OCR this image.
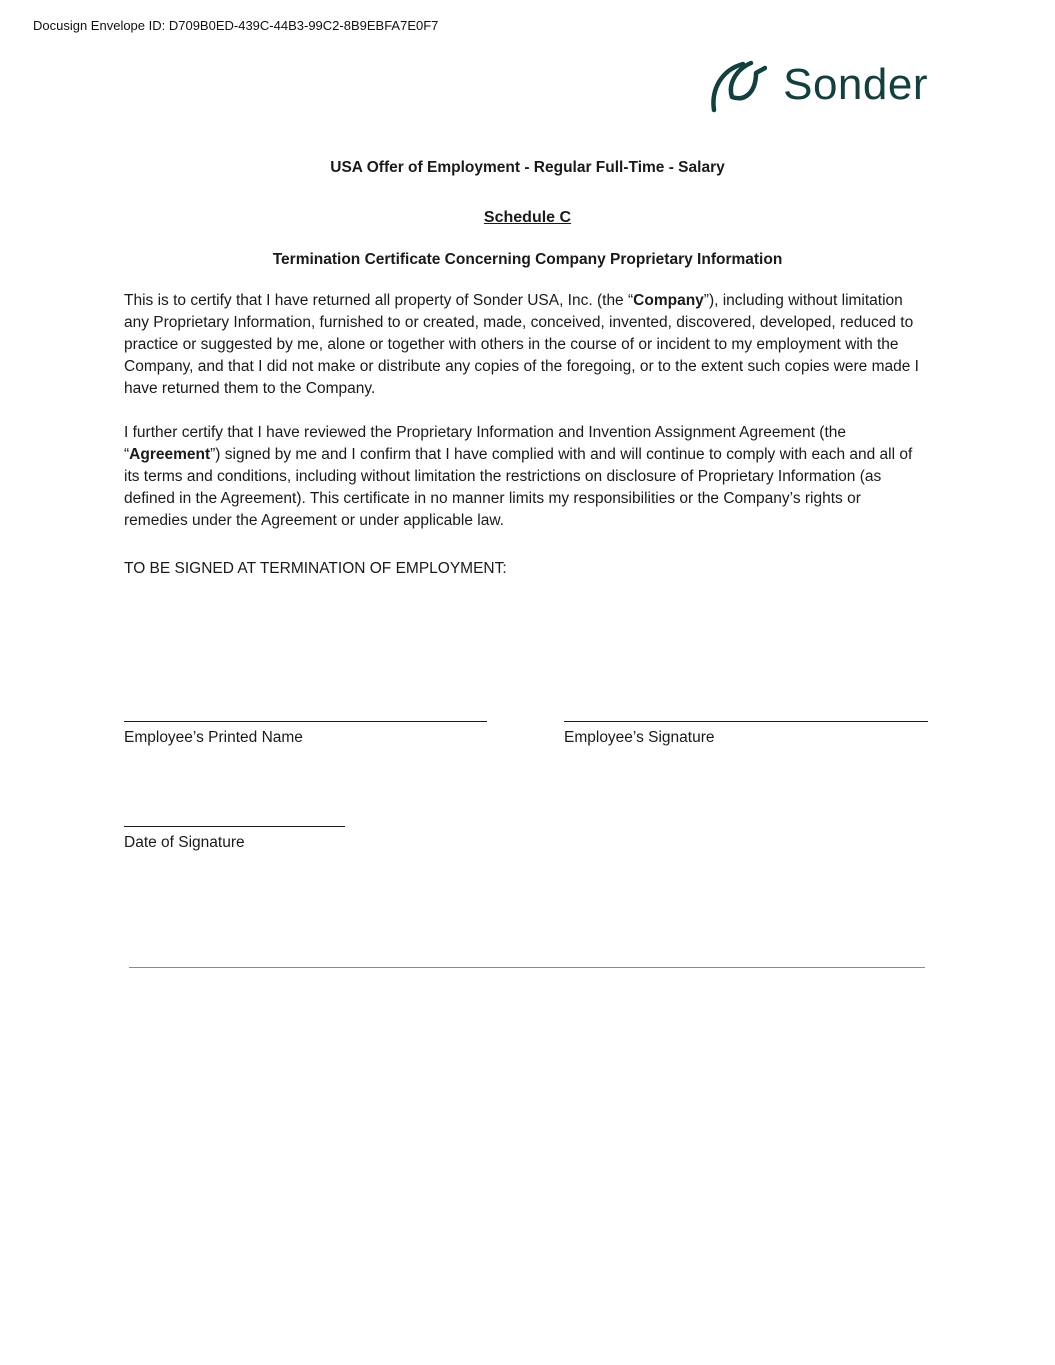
Docusign Envelope ID: D709B0ED-439C-44B3-99C2-8B9EBFA7E0F7
Sonder
USA Offer of Employment - Regular Full-Time - Salary
Schedule C
Termination Certificate Concerning Company Proprietary Information

This is to certify that I have returned all property of Sonder USA, Inc. (the “Company”), including without limitation any Proprietary Information, furnished to or created, made, conceived, invented, discovered, developed, reduced to practice or suggested by me, alone or together with others in the course of or incident to my employment with the Company, and that I did not make or distribute any copies of the foregoing, or to the extent such copies were made I have returned them to the Company.

I further certify that I have reviewed the Proprietary Information and Invention Assignment Agreement (the “Agreement”) signed by me and I confirm that I have complied with and will continue to comply with each and all of its terms and conditions, including without limitation the restrictions on disclosure of Proprietary Information (as defined in the Agreement). This certificate in no manner limits my responsibilities or the Company’s rights or remedies under the Agreement or under applicable law.

TO BE SIGNED AT TERMINATION OF EMPLOYMENT:

Employee’s Printed Name	Employee’s Signature
Date of Signature
